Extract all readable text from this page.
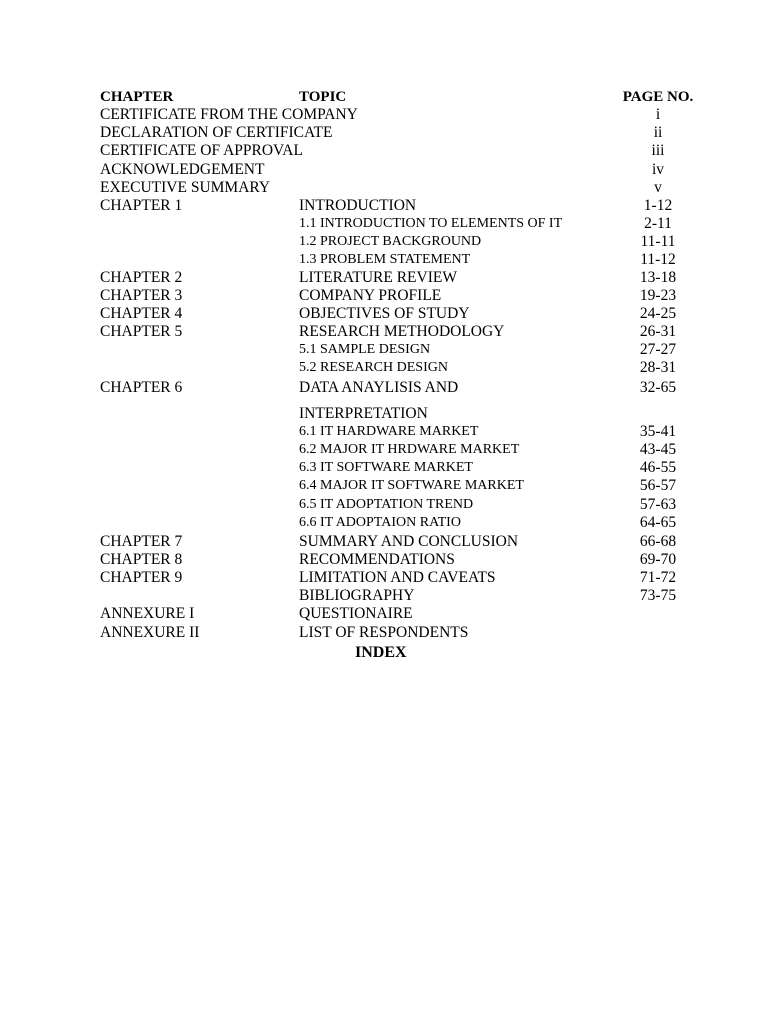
CHAPTER	TOPIC	PAGE NO.
CERTIFICATE FROM THE COMPANY	i
DECLARATION OF CERTIFICATE	ii
CERTIFICATE OF APPROVAL	iii
ACKNOWLEDGEMENT	iv
EXECUTIVE SUMMARY	v
CHAPTER 1	INTRODUCTION	1-12
1.1 INTRODUCTION TO ELEMENTS OF IT	2-11
1.2 PROJECT BACKGROUND	11-11
1.3 PROBLEM STATEMENT	11-12
CHAPTER 2	LITERATURE REVIEW	13-18
CHAPTER 3	COMPANY PROFILE	19-23
CHAPTER 4	OBJECTIVES OF STUDY	24-25
CHAPTER 5	RESEARCH METHODOLOGY	26-31
5.1 SAMPLE DESIGN	27-27
5.2 RESEARCH DESIGN	28-31
CHAPTER 6	DATA ANAYLISIS AND	32-65
INTERPRETATION
6.1 IT HARDWARE MARKET	35-41
6.2 MAJOR IT HRDWARE MARKET	43-45
6.3 IT SOFTWARE MARKET	46-55
6.4 MAJOR IT SOFTWARE MARKET	56-57
6.5 IT ADOPTATION TREND	57-63
6.6 IT ADOPTAION RATIO	64-65
CHAPTER 7	SUMMARY AND CONCLUSION	66-68
CHAPTER 8	RECOMMENDATIONS	69-70
CHAPTER 9	LIMITATION AND CAVEATS	71-72
BIBLIOGRAPHY	73-75
ANNEXURE I	QUESTIONAIRE
ANNEXURE II	LIST OF RESPONDENTS
INDEX
